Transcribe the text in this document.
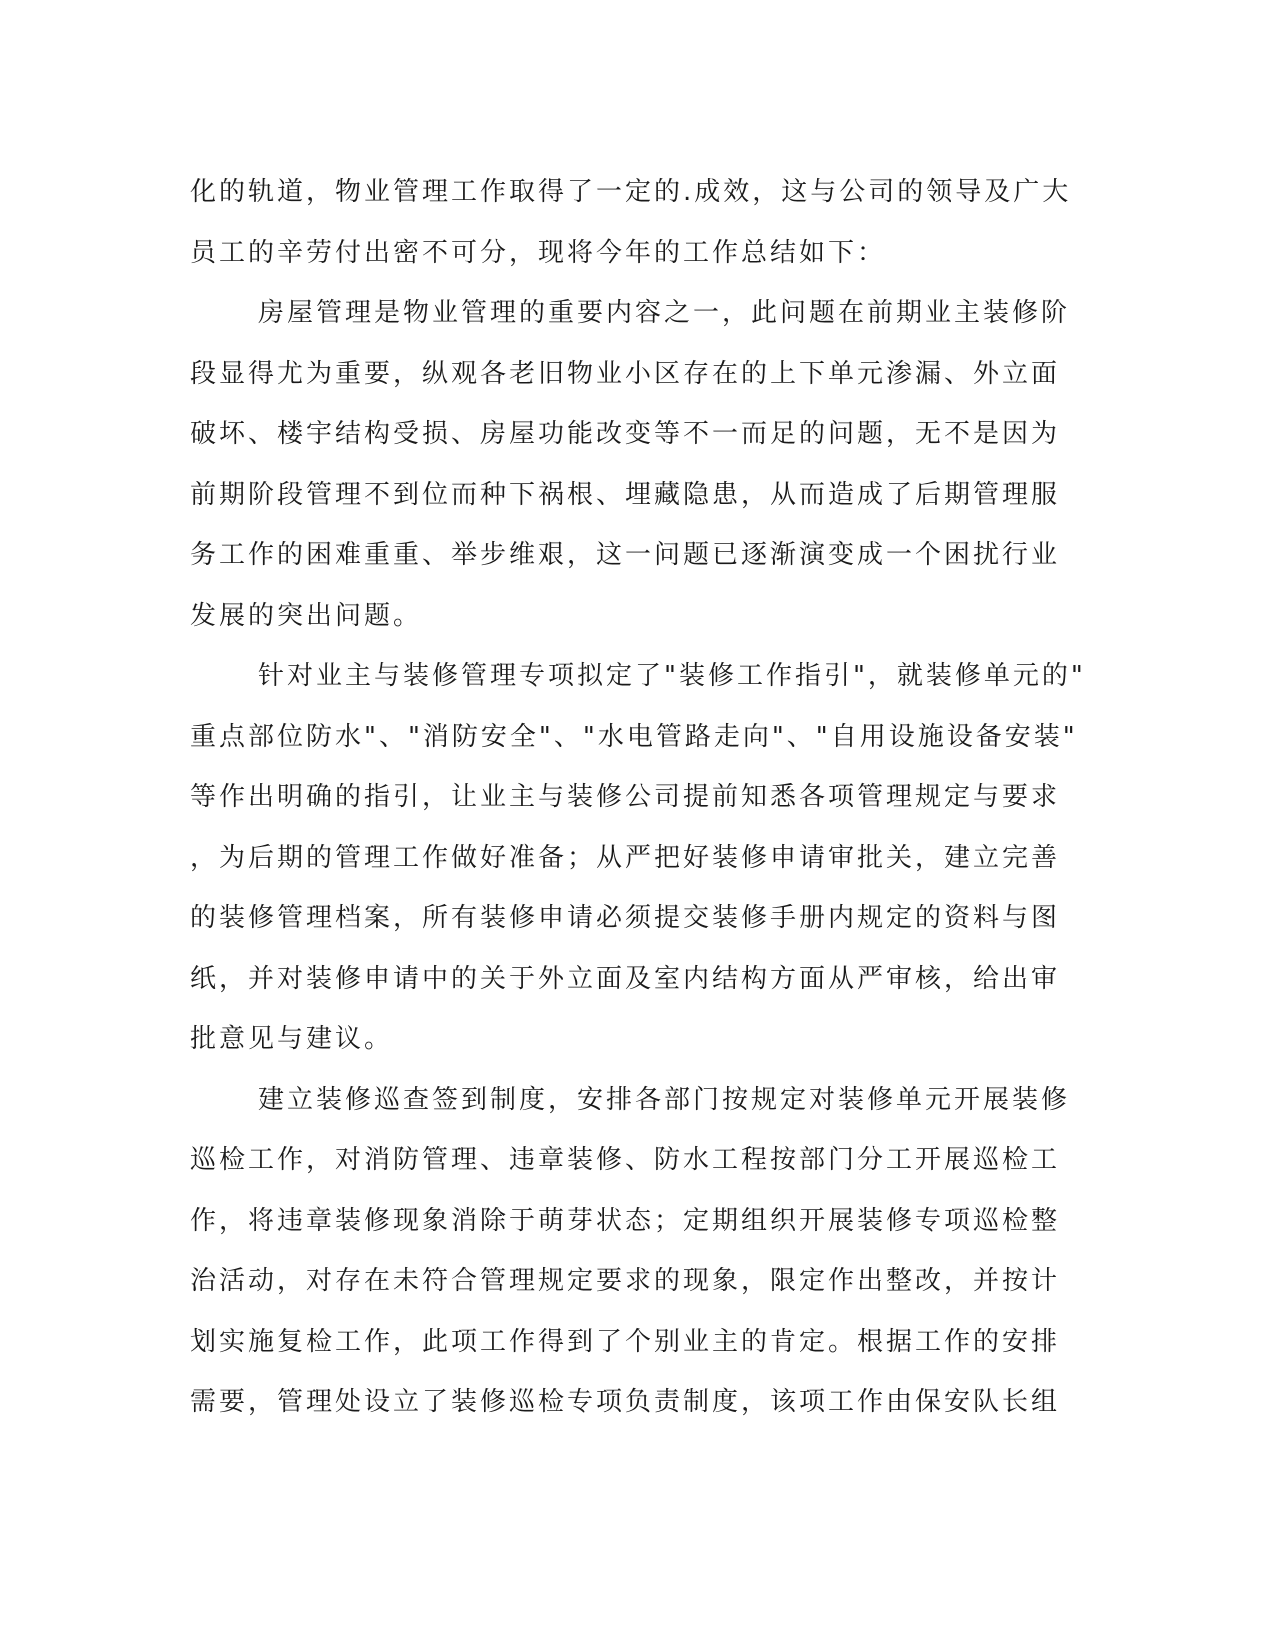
化的轨道，物业管理工作取得了一定的.成效，这与公司的领导及广大
员工的辛劳付出密不可分，现将今年的工作总结如下：
房屋管理是物业管理的重要内容之一，此问题在前期业主装修阶
段显得尤为重要，纵观各老旧物业小区存在的上下单元渗漏、外立面
破坏、楼宇结构受损、房屋功能改变等不一而足的问题，无不是因为
前期阶段管理不到位而种下祸根、埋藏隐患，从而造成了后期管理服
务工作的困难重重、举步维艰，这一问题已逐渐演变成一个困扰行业
发展的突出问题。
针对业主与装修管理专项拟定了"装修工作指引"，就装修单元的"
重点部位防水"、"消防安全"、"水电管路走向"、"自用设施设备安装"
等作出明确的指引，让业主与装修公司提前知悉各项管理规定与要求
，为后期的管理工作做好准备；从严把好装修申请审批关，建立完善
的装修管理档案，所有装修申请必须提交装修手册内规定的资料与图
纸，并对装修申请中的关于外立面及室内结构方面从严审核，给出审
批意见与建议。
建立装修巡查签到制度，安排各部门按规定对装修单元开展装修
巡检工作，对消防管理、违章装修、防水工程按部门分工开展巡检工
作，将违章装修现象消除于萌芽状态；定期组织开展装修专项巡检整
治活动，对存在未符合管理规定要求的现象，限定作出整改，并按计
划实施复检工作，此项工作得到了个别业主的肯定。根据工作的安排
需要，管理处设立了装修巡检专项负责制度，该项工作由保安队长组
